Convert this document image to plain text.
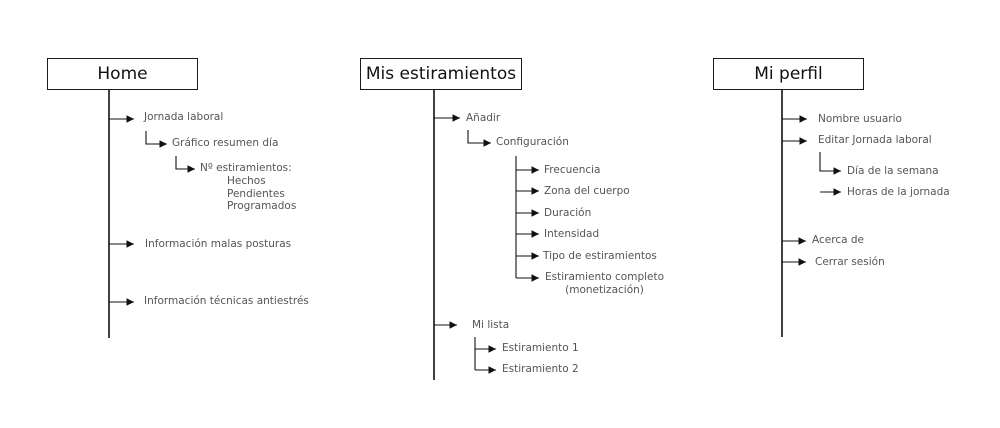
Home
Jornada laboral
Gráfico resumen día
Nº estiramientos:
Hechos
Pendientes
Programados
Información malas posturas
Información técnicas antiestrés
Mis estiramientos
Añadir
Configuración
Frecuencia
Zona del cuerpo
Duración
Intensidad
Tipo de estiramientos
Estiramiento completo
(monetización)
Mi lista
Estiramiento 1
Estiramiento 2
Mi perfil
Nombre usuario
Editar Jornada laboral
Día de la semana
Horas de la jornada
Acerca de
Cerrar sesión
